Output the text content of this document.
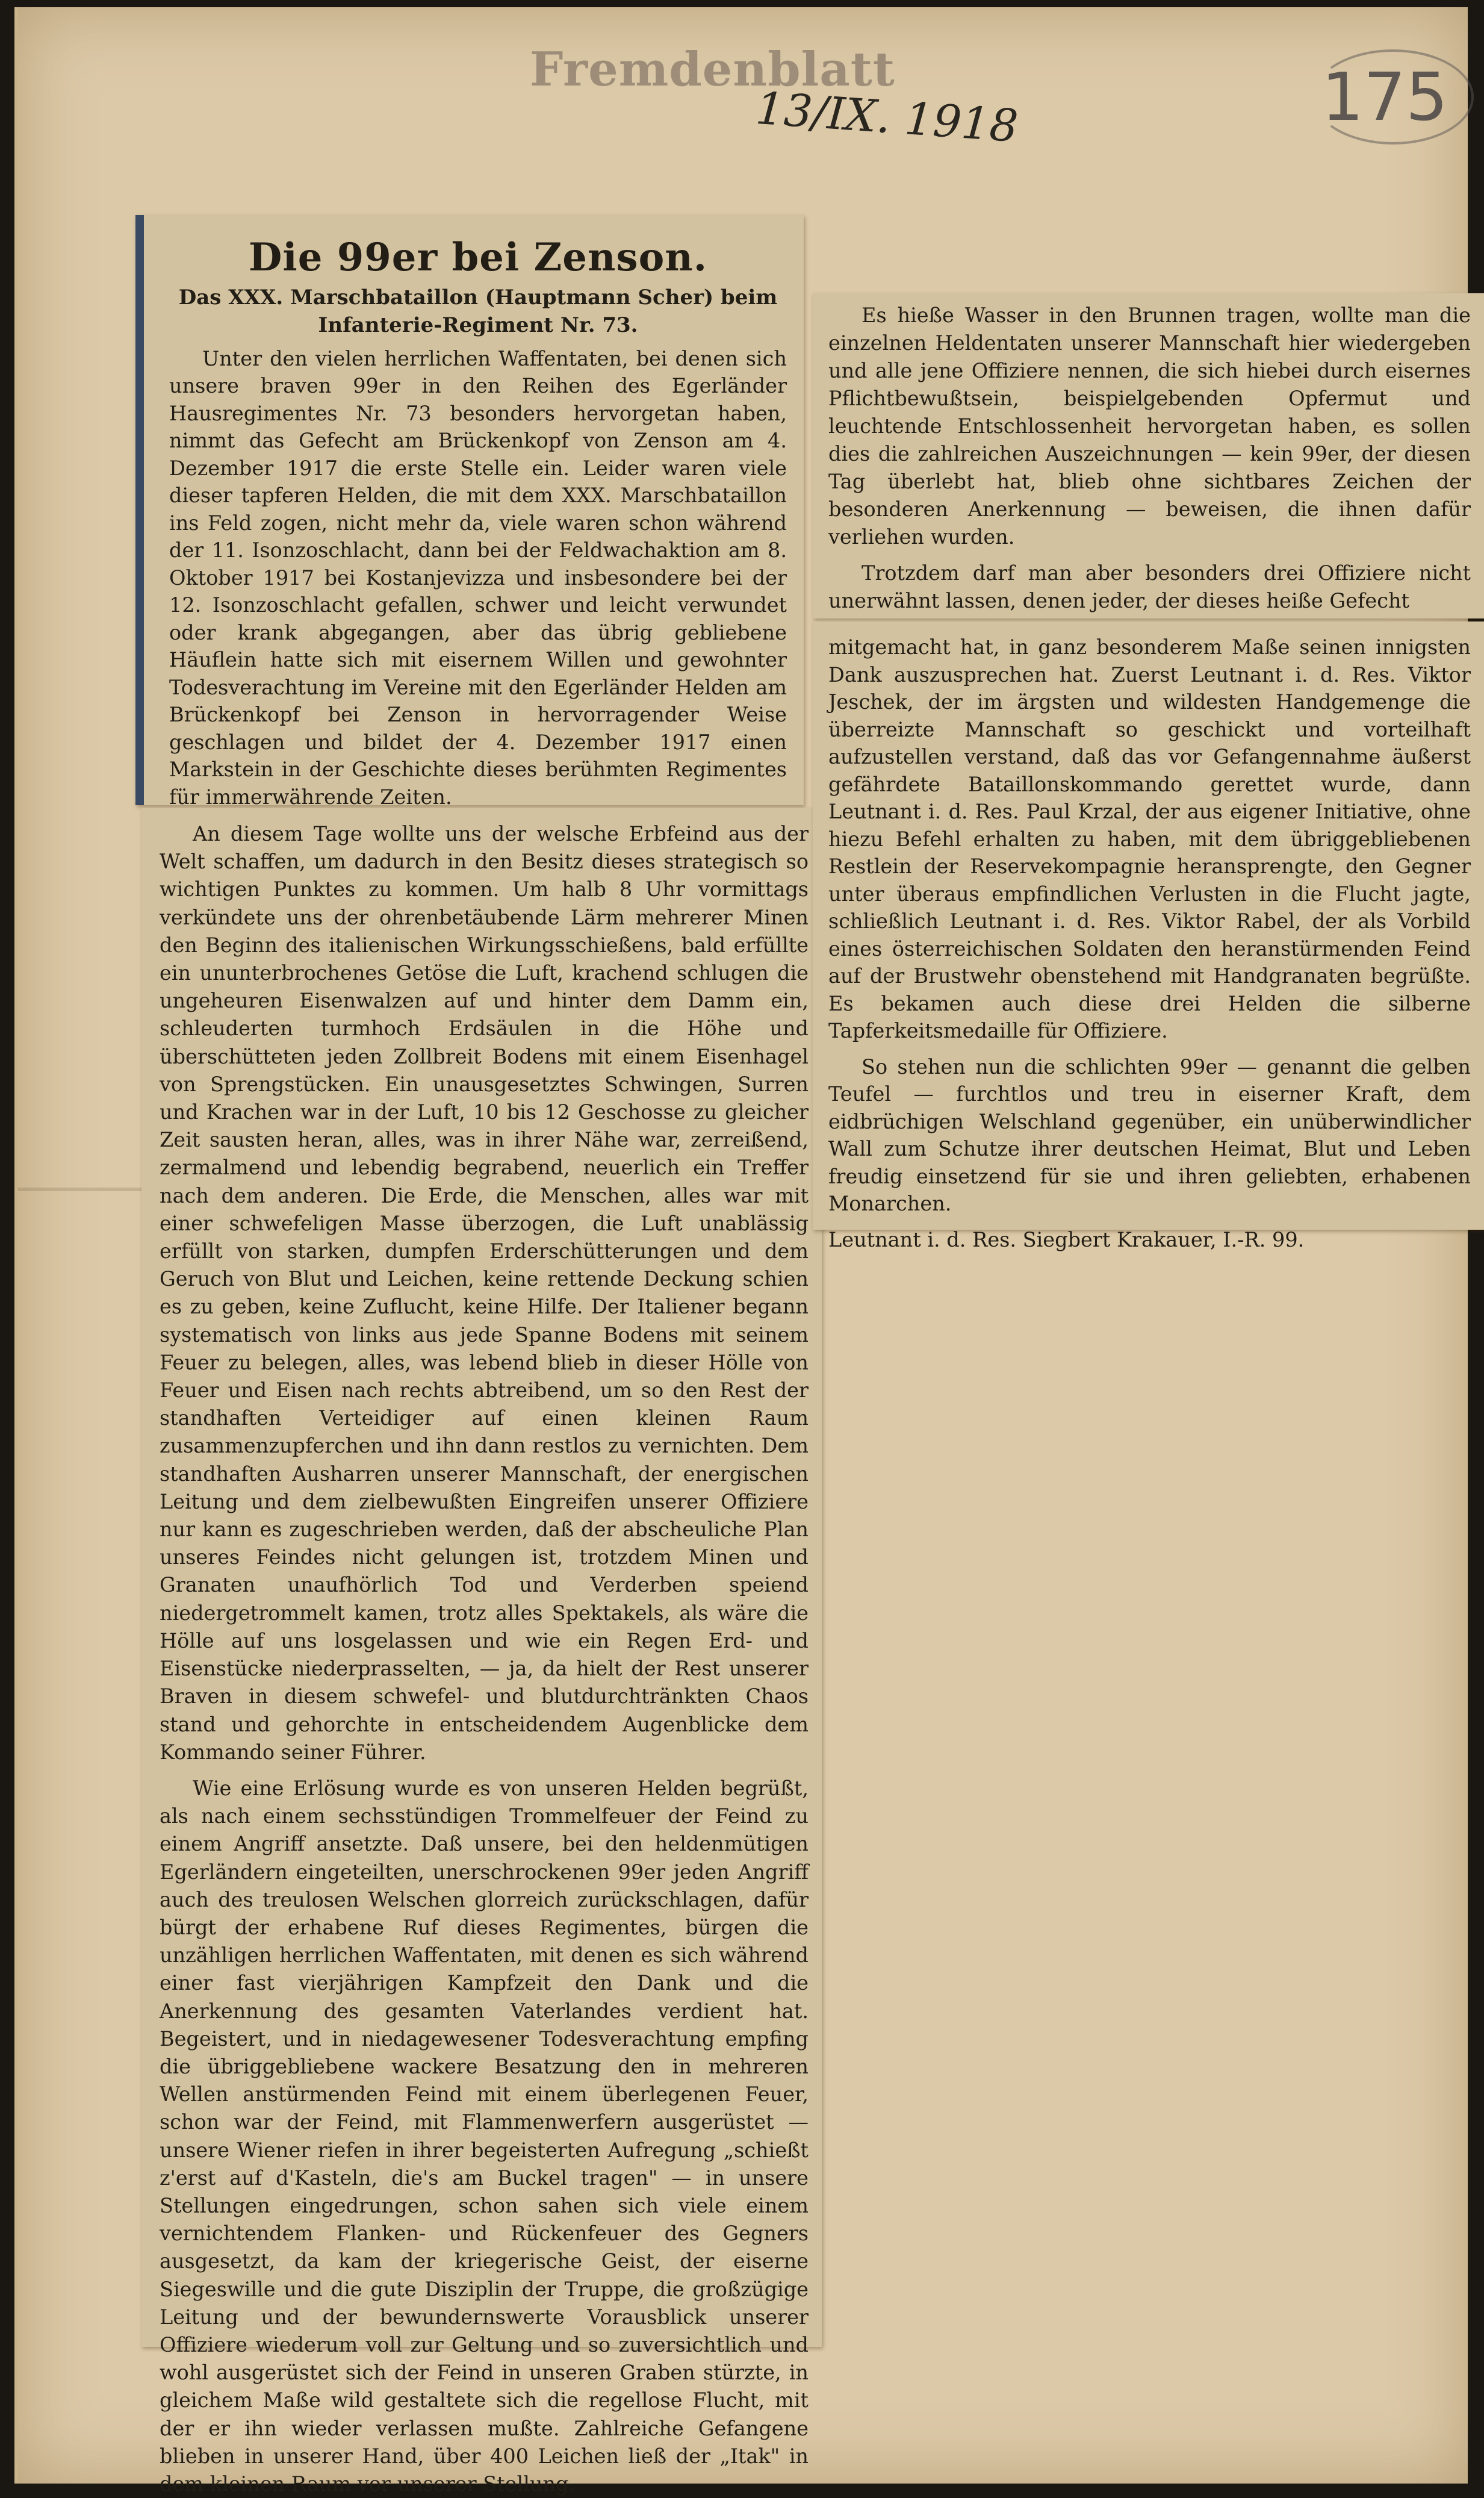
Fremdenblatt
13/IX. 1918	175
Die 99er bei Zenson.

Das XXX. Marschbataillon (Hauptmann Scher) beim Infanterie-Regiment Nr. 73.

Unter den vielen herrlichen Waffentaten, bei denen sich unsere braven 99er in den Reihen des Egerländer Hausregimentes Nr. 73 besonders hervorgetan haben, nimmt das Gefecht am Brückenkopf von Zenson am 4. Dezember 1917 die erste Stelle ein. Leider waren viele dieser tapferen Helden, die mit dem XXX. Marschbataillon ins Feld zogen, nicht mehr da, viele waren schon während der 11. Isonzoschlacht, dann bei der Feldwachaktion am 8. Oktober 1917 bei Kostanjevizza und insbesondere bei der 12. Isonzoschlacht gefallen, schwer und leicht verwundet oder krank abgegangen, aber das übrig gebliebene Häuflein hatte sich mit eisernem Willen und gewohnter Todesverachtung im Vereine mit den Egerländer Helden am Brückenkopf bei Zenson in hervorragender Weise geschlagen und bildet der 4. Dezember 1917 einen Markstein in der Geschichte dieses berühmten Regimentes für immerwährende Zeiten.

An diesem Tage wollte uns der welsche Erbfeind aus der Welt schaffen, um dadurch in den Besitz dieses strategisch so wichtigen Punktes zu kommen. Um halb 8 Uhr vormittags verkündete uns der ohrenbetäubende Lärm mehrerer Minen den Beginn des italienischen Wirkungsschießens, bald erfüllte ein ununterbrochenes Getöse die Luft, krachend schlugen die ungeheuren Eisenwalzen auf und hinter dem Damm ein, schleuderten turmhoch Erdsäulen in die Höhe und überschütteten jeden Zollbreit Bodens mit einem Eisenhagel von Sprengstücken. Ein unausgesetztes Schwingen, Surren und Krachen war in der Luft, 10 bis 12 Geschosse zu gleicher Zeit sausten heran, alles, was in ihrer Nähe war, zerreißend, zermalmend und lebendig begrabend, neuerlich ein Treffer nach dem anderen. Die Erde, die Menschen, alles war mit einer schwefeligen Masse überzogen, die Luft unablässig erfüllt von starken, dumpfen Erderschütterungen und dem Geruch von Blut und Leichen, keine rettende Deckung schien es zu geben, keine Zuflucht, keine Hilfe. Der Italiener begann systematisch von links aus jede Spanne Bodens mit seinem Feuer zu belegen, alles, was lebend blieb in dieser Hölle von Feuer und Eisen nach rechts abtreibend, um so den Rest der standhaften Verteidiger auf einen kleinen Raum zusammenzupferchen und ihn dann restlos zu vernichten. Dem standhaften Ausharren unserer Mannschaft, der energischen Leitung und dem zielbewußten Eingreifen unserer Offiziere nur kann es zugeschrieben werden, daß der abscheuliche Plan unseres Feindes nicht gelungen ist, trotzdem Minen und Granaten unaufhörlich Tod und Verderben speiend niedergetrommelt kamen, trotz alles Spektakels, als wäre die Hölle auf uns losgelassen und wie ein Regen Erd- und Eisenstücke niederprasselten, — ja, da hielt der Rest unserer Braven in diesem schwefel- und blutdurchtränkten Chaos stand und gehorchte in entscheidendem Augenblicke dem Kommando seiner Führer.

Wie eine Erlösung wurde es von unseren Helden begrüßt, als nach einem sechsstündigen Trommelfeuer der Feind zu einem Angriff ansetzte. Daß unsere, bei den heldenmütigen Egerländern eingeteilten, unerschrockenen 99er jeden Angriff auch des treulosen Welschen glorreich zurückschlagen, dafür bürgt der erhabene Ruf dieses Regimentes, bürgen die unzähligen herrlichen Waffentaten, mit denen es sich während einer fast vierjährigen Kampfzeit den Dank und die Anerkennung des gesamten Vaterlandes verdient hat. Begeistert, und in niedagewesener Todesverachtung empfing die übriggebliebene wackere Besatzung den in mehreren Wellen anstürmenden Feind mit einem überlegenen Feuer, schon war der Feind, mit Flammenwerfern ausgerüstet — unsere Wiener riefen in ihrer begeisterten Aufregung „schießt z'erst auf d'Kasteln, die's am Buckel tragen" — in unsere Stellungen eingedrungen, schon sahen sich viele einem vernichtendem Flanken- und Rückenfeuer des Gegners ausgesetzt, da kam der kriegerische Geist, der eiserne Siegeswille und die gute Disziplin der Truppe, die großzügige Leitung und der bewundernswerte Vorausblick unserer Offiziere wiederum voll zur Geltung und so zuversichtlich und wohl ausgerüstet sich der Feind in unseren Graben stürzte, in gleichem Maße wild gestaltete sich die regellose Flucht, mit der er ihn wieder verlassen mußte. Zahlreiche Gefangene blieben in unserer Hand, über 400 Leichen ließ der „Itak" in dem kleinen Raum vor unserer Stellung.

Es hieße Wasser in den Brunnen tragen, wollte man die einzelnen Heldentaten unserer Mannschaft hier wiedergeben und alle jene Offiziere nennen, die sich hiebei durch eisernes Pflichtbewußtsein, beispielgebenden Opfermut und leuchtende Entschlossenheit hervorgetan haben, es sollen dies die zahlreichen Auszeichnungen — kein 99er, der diesen Tag überlebt hat, blieb ohne sichtbares Zeichen der besonderen Anerkennung — beweisen, die ihnen dafür verliehen wurden.

Trotzdem darf man aber besonders drei Offiziere nicht unerwähnt lassen, denen jeder, der dieses heiße Gefecht

mitgemacht hat, in ganz besonderem Maße seinen innigsten Dank auszusprechen hat. Zuerst Leutnant i. d. Res. Viktor Jeschek, der im ärgsten und wildesten Handgemenge die überreizte Mannschaft so geschickt und vorteilhaft aufzustellen verstand, daß das vor Gefangennahme äußerst gefährdete Bataillonskommando gerettet wurde, dann Leutnant i. d. Res. Paul Krzal, der aus eigener Initiative, ohne hiezu Befehl erhalten zu haben, mit dem übriggebliebenen Restlein der Reservekompagnie heransprengte, den Gegner unter überaus empfindlichen Verlusten in die Flucht jagte, schließlich Leutnant i. d. Res. Viktor Rabel, der als Vorbild eines österreichischen Soldaten den heranstürmenden Feind auf der Brustwehr obenstehend mit Handgranaten begrüßte. Es bekamen auch diese drei Helden die silberne Tapferkeitsmedaille für Offiziere.

So stehen nun die schlichten 99er — genannt die gelben Teufel — furchtlos und treu in eiserner Kraft, dem eidbrüchigen Welschland gegenüber, ein unüberwindlicher Wall zum Schutze ihrer deutschen Heimat, Blut und Leben freudig einsetzend für sie und ihren geliebten, erhabenen Monarchen.

Leutnant i. d. Res. Siegbert Krakauer, I.-R. 99.
